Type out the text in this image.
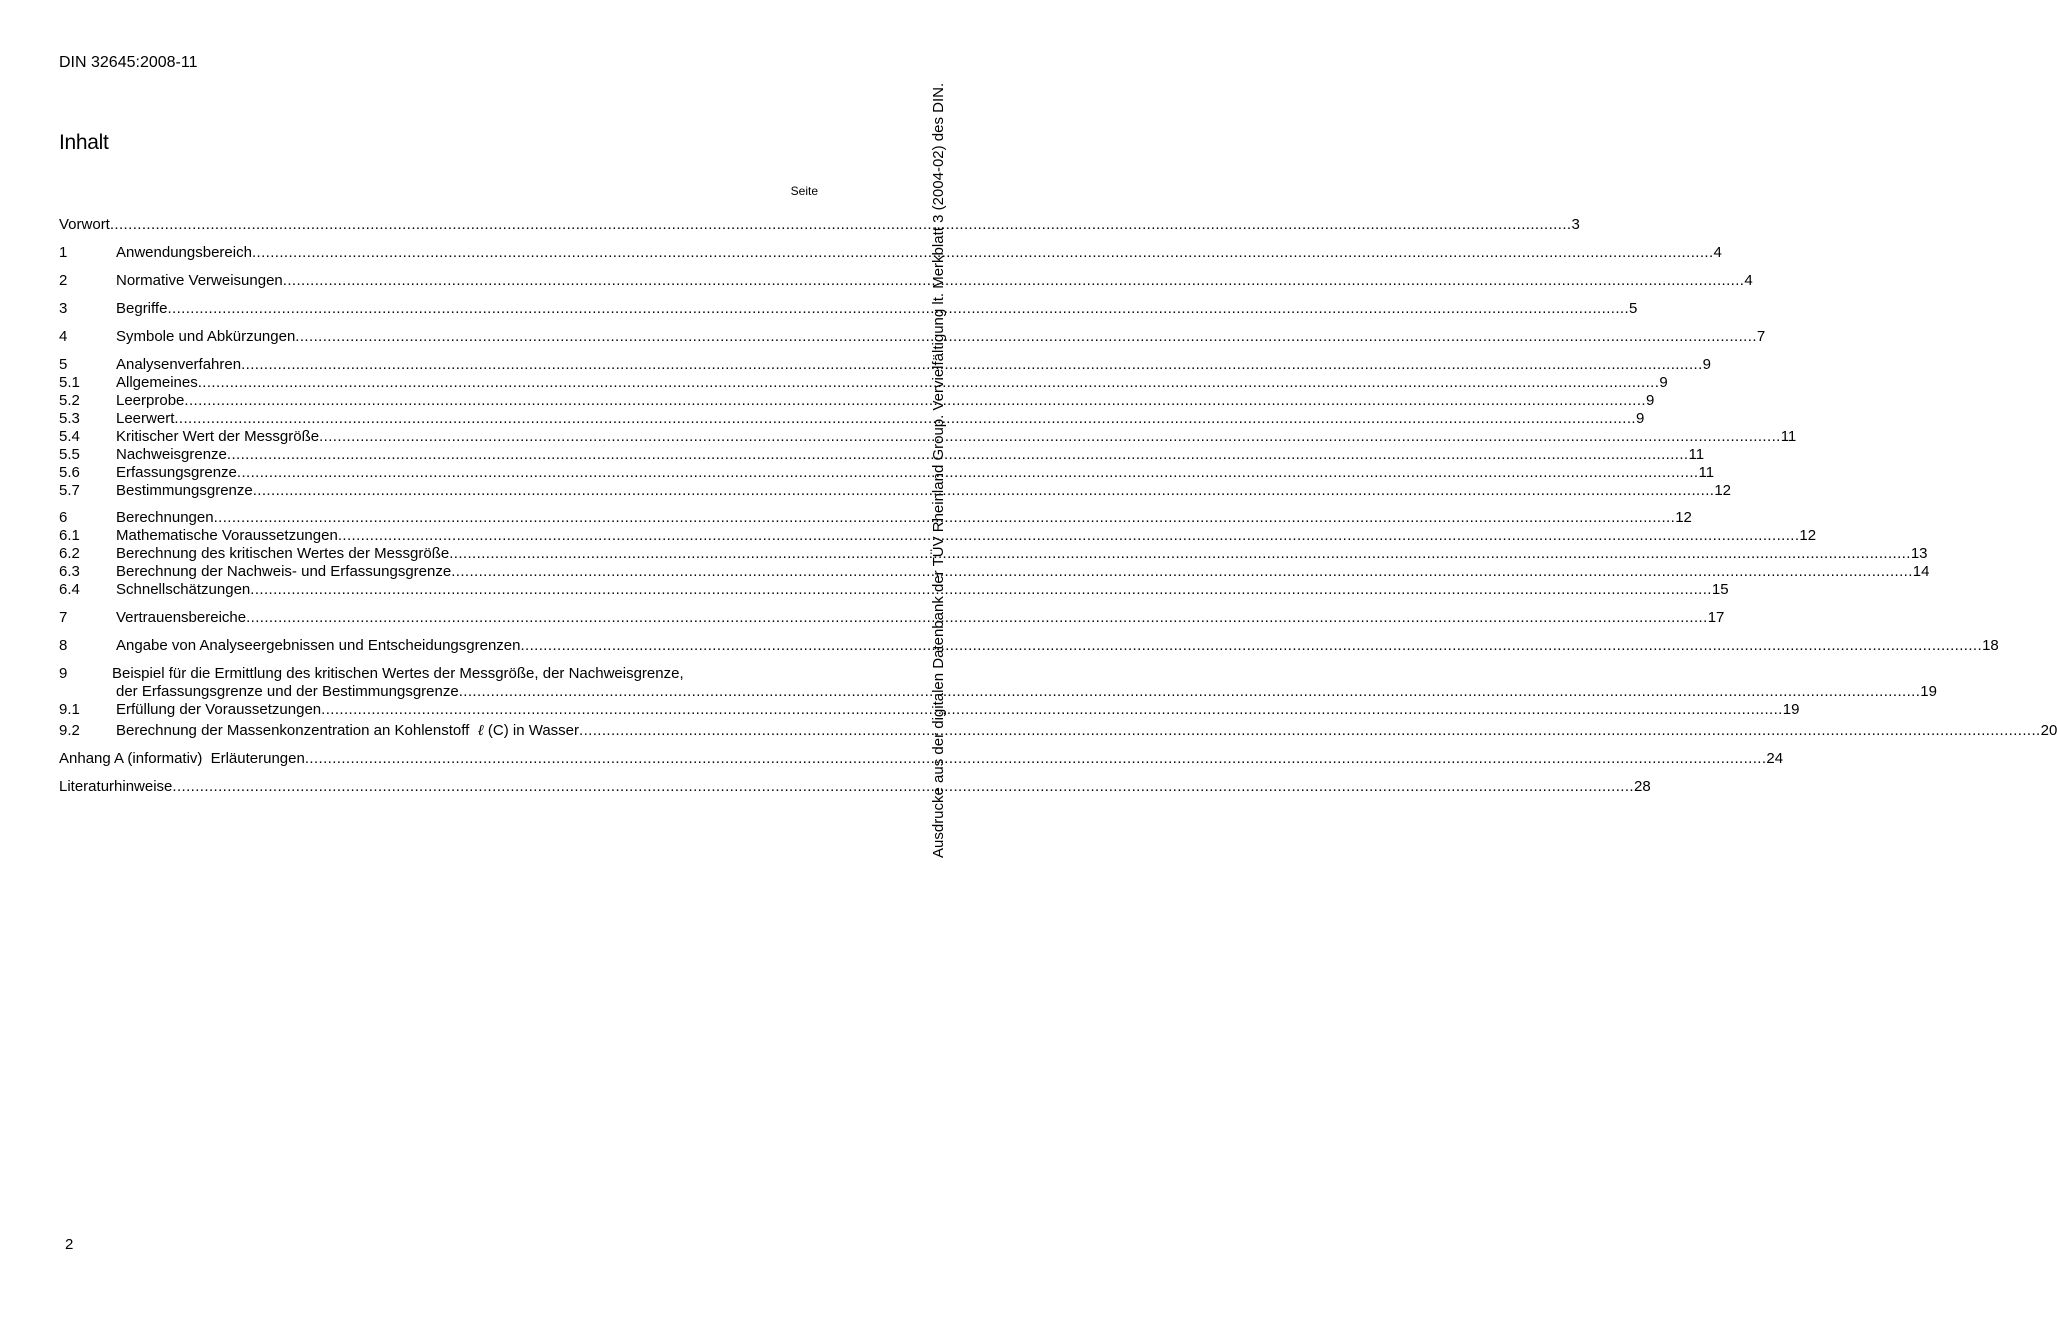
DIN 32645:2008-11
Inhalt
Seite
Vorwort .....	3
1	Anwendungsbereich .....	4
2	Normative Verweisungen .....	4
3	Begriffe .....	5
4	Symbole und Abkürzungen .....	7
5	Analysenverfahren .....	9
5.1	Allgemeines .....	9
5.2	Leerprobe .....	9
5.3	Leerwert .....	9
5.4	Kritischer Wert der Messgröße .....	11
5.5	Nachweisgrenze .....	11
5.6	Erfassungsgrenze .....	11
5.7	Bestimmungsgrenze .....	12
6	Berechnungen .....	12
6.1	Mathematische Voraussetzungen .....	12
6.2	Berechnung des kritischen Wertes der Messgröße .....	13
6.3	Berechnung der Nachweis- und Erfassungsgrenze .....	14
6.4	Schnellschätzungen .....	15
7	Vertrauensbereiche .....	17
8	Angabe von Analyseergebnissen und Entscheidungsgrenzen .....	18
9	Beispiel für die Ermittlung des kritischen Wertes der Messgröße, der Nachweisgrenze,
der Erfassungsgrenze und der Bestimmungsgrenze .....	19
9.1	Erfüllung der Voraussetzungen .....	19
9.2	Berechnung der Massenkonzentration an Kohlenstoff ℓ (C) in Wasser .....	20
Anhang A (informativ) Erläuterungen .....	24
Literaturhinweise .....	28
Ausdrucke aus der digitalen Datenbank der TÜV Rheinland Group. Vervielfältigung lt. Merkblatt 3 (2004-02) des DIN.
2
